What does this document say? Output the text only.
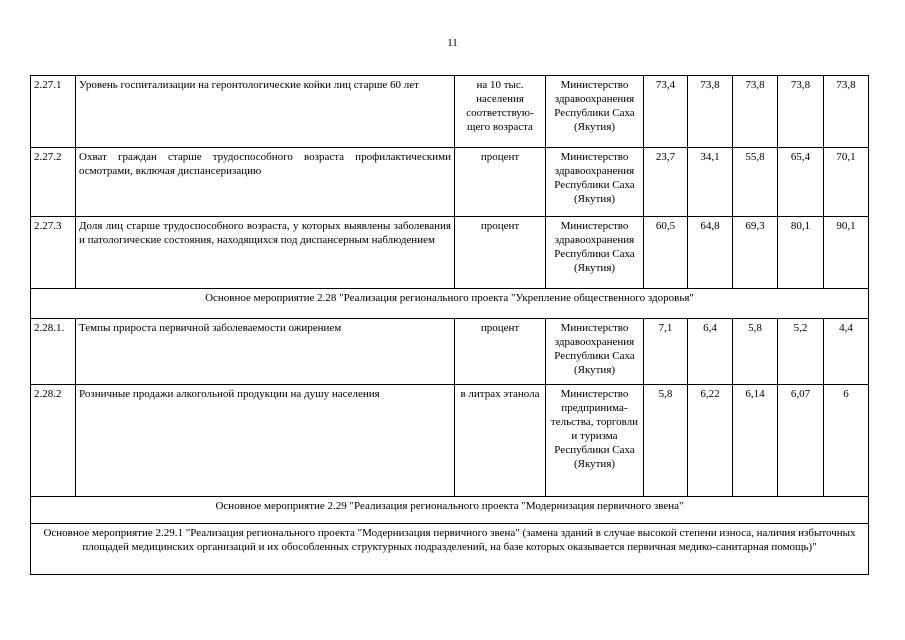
11
2.27.1	Уровень госпитализации на геронтологические койки лиц старше 60 лет	на 10 тыс. населения соответствую-щего возраста	Министерство здравоохранения Республики Саха (Якутия)	73,4	73,8	73,8	73,8	73,8
2.27.2	Охват граждан старше трудоспособного возраста профилактическими осмотрами, включая диспансеризацию	процент	Министерство здравоохранения Республики Саха (Якутия)	23,7	34,1	55,8	65,4	70,1
2.27.3	Доля лиц старше трудоспособного возраста, у которых выявлены заболевания и патологические состояния, находящихся под диспансерным наблюдением	процент	Министерство здравоохранения Республики Саха (Якутия)	60,5	64,8	69,3	80,1	90,1
Основное мероприятие 2.28 "Реализация регионального проекта "Укрепление общественного здоровья"								
2.28.1.	Темпы прироста первичной заболеваемости ожирением	процент	Министерство здравоохранения Республики Саха (Якутия)	7,1	6,4	5,8	5,2	4,4
2.28.2	Розничные продажи алкогольной продукции на душу населения	в литрах этанола	Министерство предпринима-тельства, торговли и туризма Республики Саха (Якутия)	5,8	6,22	6,14	6,07	6
Основное мероприятие 2.29 "Реализация регионального проекта "Модернизация первичного звена"								
Основное мероприятие 2.29.1 "Реализация регионального проекта "Модернизация первичного звена" (замена зданий в случае высокой степени износа, наличия избыточных площадей медицинских организаций и их обособленных структурных подразделений, на базе которых оказывается первичная медико-санитарная помощь)"								
